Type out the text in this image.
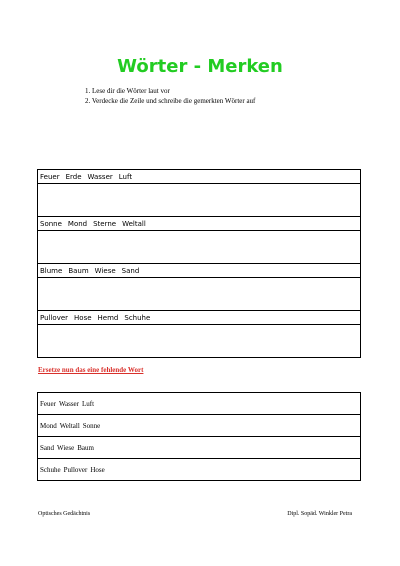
Wörter - Merken
1. Lese dir die Wörter laut vor
2. Verdecke die Zeile und schreibe die gemerkten Wörter auf
Feuer Erde Wasser Luft

Sonne Mond Sterne Weltall

Blume Baum Wiese Sand

Pullover Hose Hemd Schuhe

Ersetze nun das eine fehlende Wort

Feuer Wasser Luft
Mond Weltall Sonne
Sand Wiese Baum
Schuhe Pullover Hose

Optisches Gedächtnis	Dipl. Sopäd. Winkler Petra
